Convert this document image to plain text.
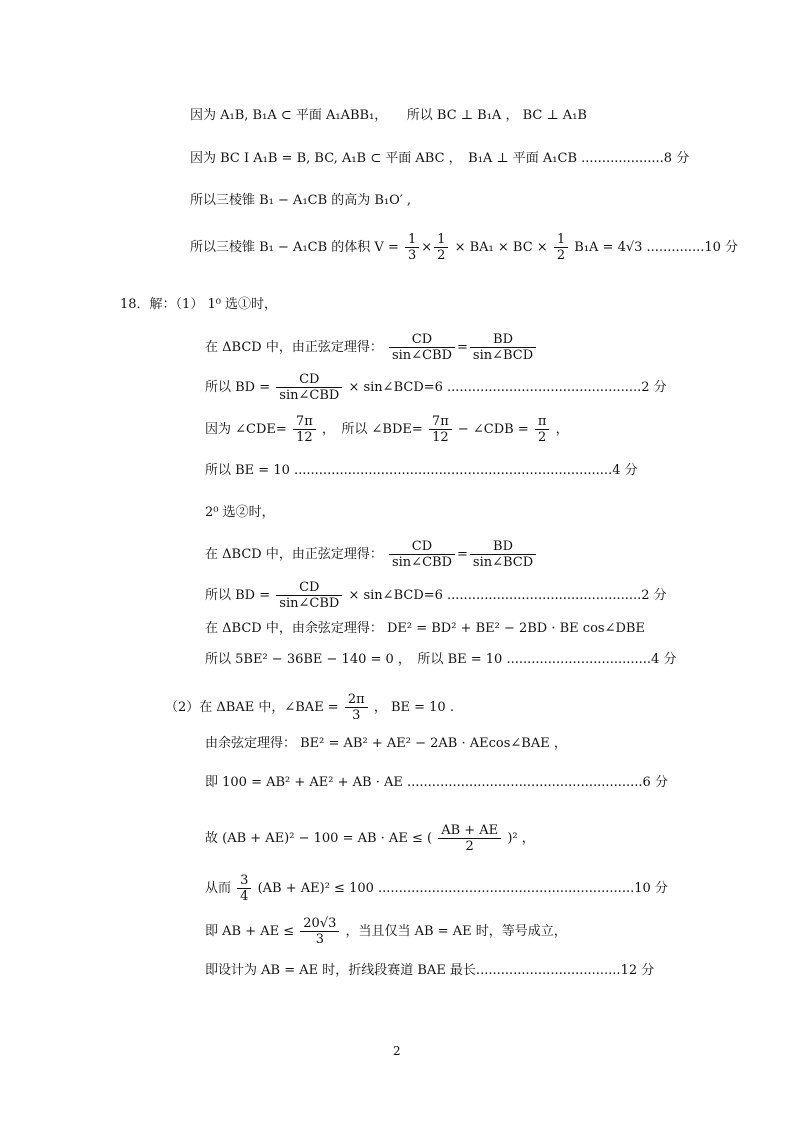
因为 A₁B, B₁A ⊂ 平面 A₁ABB₁，　　所以 BC ⊥ B₁A ， BC ⊥ A₁B
因为 BC I A₁B = B, BC, A₁B ⊂ 平面 ABC ，　B₁A ⊥ 平面 A₁CB ....................8 分
所以三棱锥 B₁ − A₁CB 的高为 B₁O′ ,
所以三棱锥 B₁ − A₁CB 的体积 $V = \frac{1}{3} \times \frac{1}{2} \times BA_1$ × BC × $\frac{1}{2} B_1A = 4√3$ ..............10 分
18．解：（1） 1⁰ 选①时，
在 ΔBCD 中，由正弦定理得： $\frac{CD}{\text{sin∠CBD}} = \frac{BD}{\text{sin∠BCD}}$
所以 BD = $\frac{CD}{\text{sin∠CBD}}$ × sin∠BCD=6 ...............................................2 分
因为 ∠CDE= $\frac{7\pi}{12}$ ，　所以 ∠BDE= $\frac{7\pi}{12}$ − ∠CDB = $\frac{\pi}{2}$ ，
所以 BE = 10 .............................................................................4 分
2⁰ 选②时，
在 ΔBCD 中，由正弦定理得： $\frac{CD}{\text{sin∠CBD}} = \frac{BD}{\text{sin∠BCD}}$
所以 BD = $\frac{CD}{\text{sin∠CBD}}$ × sin∠BCD=6 ...............................................2 分
在 ΔBCD 中，由余弦定理得： DE² = BD² + BE² − 2BD · BE cos∠DBE
所以 5BE² − 36BE − 140 = 0 ，　所以 BE = 10 ...................................4 分
（2）在 ΔBAE 中，∠BAE = $\frac{2\pi}{3}$ ， BE = 10 .
由余弦定理得： BE² = AB² + AE² − 2AB · AEcos∠BAE ，
即 100 = AB² + AE² + AB · AE .........................................................6 分
故 (AB + AE)² − 100 = AB · AE ≤ ( $\frac{AB + AE}{2} )^2$ ，
从而 $\frac{3}{4} (AB + AE)^2 \le 100$ ..............................................................10 分
即 AB + AE ≤ $\frac{20√3}{3}$ ，当且仅当 AB = AE 时，等号成立，
即设计为 AB = AE 时，折线段赛道 BAE 最长...................................12 分
2
